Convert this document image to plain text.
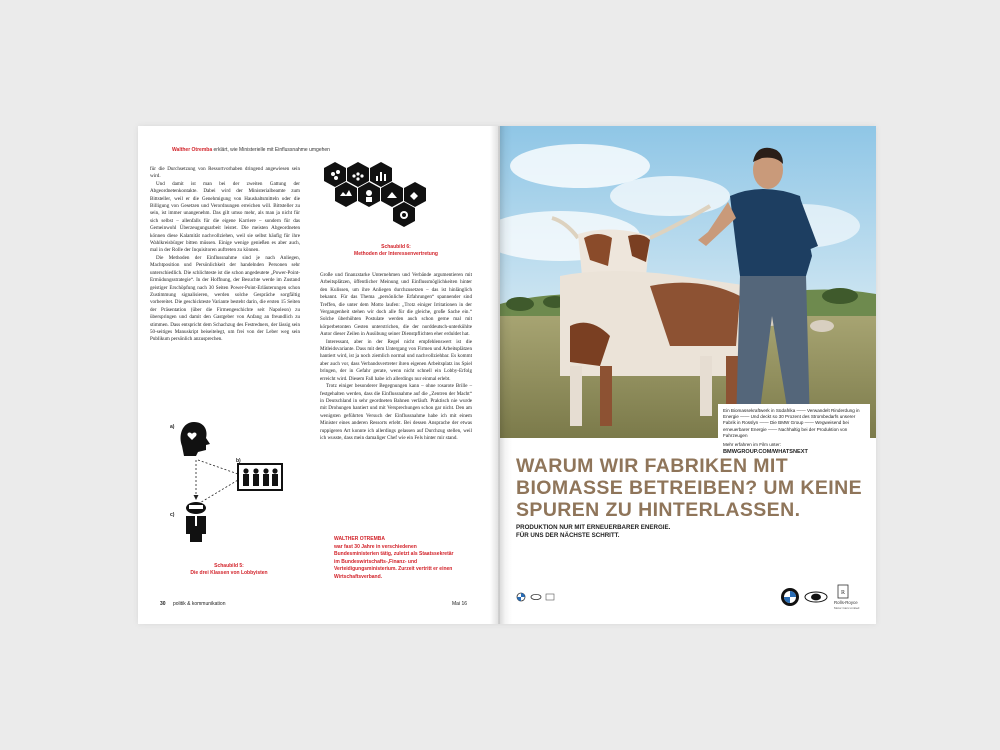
Walther Otremba erklärt, wie Ministerielle mit Einflussnahme umgehen

für die Durchsetzung von Ressortvorhaben dringend angewiesen sein wird.

Und damit ist man bei der zweiten Gattung der Abgeordnetenkontakte. Dabei wird der Ministerialbeamte zum Bittsteller, weil er die Genehmigung von Haushaltsmitteln oder die Billigung von Gesetzen und Verordnungen erreichen will. Bittsteller zu sein, ist immer unangenehm. Das gilt umso mehr, als man ja nicht für sich selbst – allenfalls für die eigene Karriere – sondern für das Gemeinwohl Überzeugungsarbeit leistet. Die meisten Abgeordneten können diese Kalamität nachvollziehen, weil sie selbst häufig für ihre Wahlkreisbürger bitten müssen. Einige wenige genießen es aber auch, mal in der Rolle der Inquisitoren auftreten zu können.

Die Methoden der Einflussnahme sind je nach Anliegen, Machtposition und Persönlichkeit der handelnden Personen sehr unterschiedlich. Die schlichteste ist die schon angedeutete „Power-Point-Ermüdungsstrategie“. In der Hoffnung, der Besuchte werde im Zustand geistiger Erschöpfung nach 30 Seiten Power-Point-Erläuterungen schon Zustimmung signalisieren, werden solche Gespräche sorgfältig vorbereitet. Die geschickteste Variante besteht darin, die ersten 15 Seiten der Präsentation (über die Firmengeschichte seit Napoleon) zu überspringen und damit den Gastgeber von Anfang an freundlich zu stimmen. Dass entspricht dem Schachzug des Festredners, der lässig sein 50-seitiges Manuskript beiseitelegt, um frei von der Leber weg sein Publikum persönlich anzusprechen.

a)
b)
c)
Schaubild 5:
Die drei Klassen von Lobbyisten
Schaubild 6:
Methoden der Interessenvertretung

Große und finanzstarke Unternehmen und Verbände argumentieren mit Arbeitsplätzen, öffentlicher Meinung und Einflussmöglichkeiten hinter den Kulissen, um ihre Anliegen durchzusetzen – das ist hinlänglich bekannt. Für das Thema „persönliche Erfahrungen“ spannender sind Treffen, die unter dem Motto laufen: „Trotz einiger Irritationen in der Vergangenheit stehen wir doch alle für die gleiche, große Sache ein.“ Solche überhöhten Postulate werden auch schon gerne mal mit körperbetonten Gesten unterstrichen, die der norddeutsch-unterkühlte Autor dieser Zeilen in Ausübung seiner Dienstpflichten eher erduldet hat.

Interessant, aber in der Regel nicht empfehlenswert ist die Mitleidsvariante. Dass mit dem Untergang von Firmen und Arbeitsplätzen hantiert wird, ist ja noch ziemlich normal und nachvollziehbar. Es kommt aber auch vor, dass Verbandsvertreter ihren eigenen Arbeitsplatz ins Spiel bringen, der in Gefahr gerate, wenn nicht schnell ein Lobby-Erfolg erreicht wird. Diesem Fall habe ich allerdings nur einmal erlebt.

Trotz einiger besonderer Begegnungen kann – ohne rosarote Brille – festgehalten werden, dass die Einflussnahme auf die „Zentren der Macht“ in Deutschland in sehr geordneten Bahnen verläuft. Praktisch nie wurde mit Drohungen hantiert und mit Versprechungen schon gar nicht. Den am wenigsten geführten Versuch der Einflussnahme habe ich mit einem Minister eines anderen Ressorts erlebt. Bei dessen Ansprache der etwas ruppigeren Art konnte ich allerdings gelassen auf Durchzug stellen, weil ich wusste, dass mein damaliger Chef wie ein Fels hinter mir stand.

WALTHER OTREMBA
war fast 30 Jahre in verschiedenen Bundesministerien tätig, zuletzt als Staatssekretär im Bundeswirtschafts-,Finanz- und Verteidigungsministerium. Zurzeit vertritt er einen Wirtschaftsverband.
30 politik & kommunikation	Mai 16
Ein Biomassekraftwerk in Südafrika —— Verwandelt Rinderdung in Energie —— Und deckt so 30 Prozent des Strombedarfs unserer Fabrik in Rosslyn —— Die BMW Group —— Wegweisend bei erneuerbarer Energie —— Nachhaltig bei der Produktion von Fahrzeugen
Mehr erfahren im Film unter:
BMWGROUP.COM/WHATSNEXT
WARUM WIR FABRIKEN MIT BIOMASSE BETREIBEN? UM KEINE SPUREN ZU HINTERLASSEN.
PRODUKTION NUR MIT ERNEUERBARER ENERGIE.
FÜR UNS DER NÄCHSTE SCHRITT.
R
Rolls-Royce
Motor Cars Limited
